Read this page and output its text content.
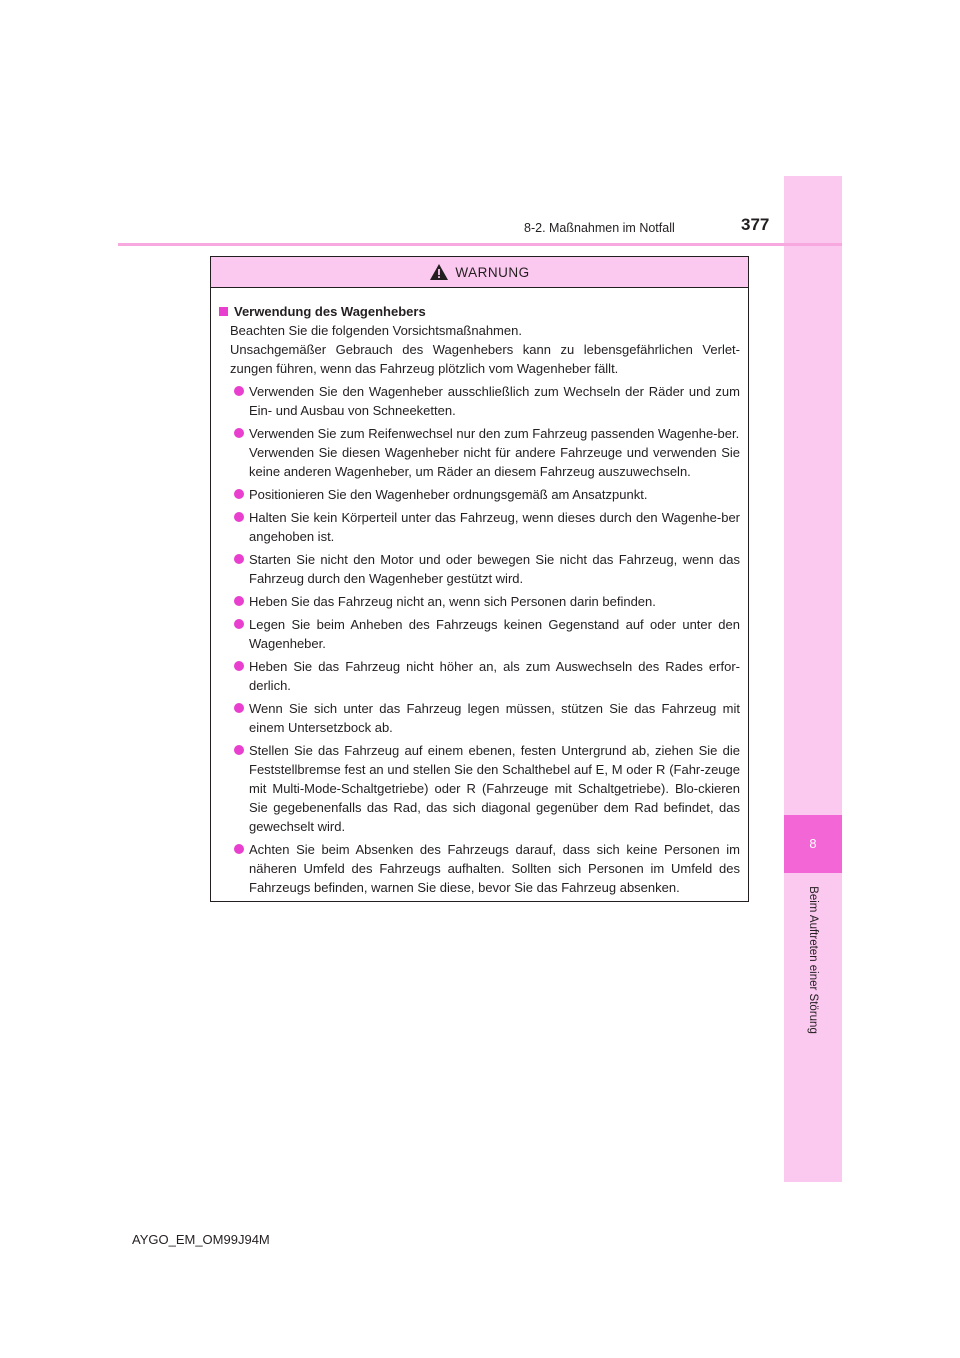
8
Beim Auftreten einer Störung
8-2. Maßnahmen im Notfall	377
WARNUNG
Verwendung des Wagenhebers
Beachten Sie die folgenden Vorsichtsmaßnahmen.
Unsachgemäßer Gebrauch des Wagenhebers kann zu lebensgefährlichen Verlet-zungen führen, wenn das Fahrzeug plötzlich vom Wagenheber fällt.
Verwenden Sie den Wagenheber ausschließlich zum Wechseln der Räder und zum Ein- und Ausbau von Schneeketten.
Verwenden Sie zum Reifenwechsel nur den zum Fahrzeug passenden Wagenhe-ber.
Verwenden Sie diesen Wagenheber nicht für andere Fahrzeuge und verwenden Sie keine anderen Wagenheber, um Räder an diesem Fahrzeug auszuwechseln.
Positionieren Sie den Wagenheber ordnungsgemäß am Ansatzpunkt.
Halten Sie kein Körperteil unter das Fahrzeug, wenn dieses durch den Wagenhe-ber angehoben ist.
Starten Sie nicht den Motor und oder bewegen Sie nicht das Fahrzeug, wenn das Fahrzeug durch den Wagenheber gestützt wird.
Heben Sie das Fahrzeug nicht an, wenn sich Personen darin befinden.
Legen Sie beim Anheben des Fahrzeugs keinen Gegenstand auf oder unter den Wagenheber.
Heben Sie das Fahrzeug nicht höher an, als zum Auswechseln des Rades erfor-derlich.
Wenn Sie sich unter das Fahrzeug legen müssen, stützen Sie das Fahrzeug mit einem Untersetzbock ab.
Stellen Sie das Fahrzeug auf einem ebenen, festen Untergrund ab, ziehen Sie die Feststellbremse fest an und stellen Sie den Schalthebel auf E, M oder R (Fahr-zeuge mit Multi-Mode-Schaltgetriebe) oder R (Fahrzeuge mit Schaltgetriebe). Blo-ckieren Sie gegebenenfalls das Rad, das sich diagonal gegenüber dem Rad befindet, das gewechselt wird.
Achten Sie beim Absenken des Fahrzeugs darauf, dass sich keine Personen im näheren Umfeld des Fahrzeugs aufhalten. Sollten sich Personen im Umfeld des Fahrzeugs befinden, warnen Sie diese, bevor Sie das Fahrzeug absenken.
AYGO_EM_OM99J94M
